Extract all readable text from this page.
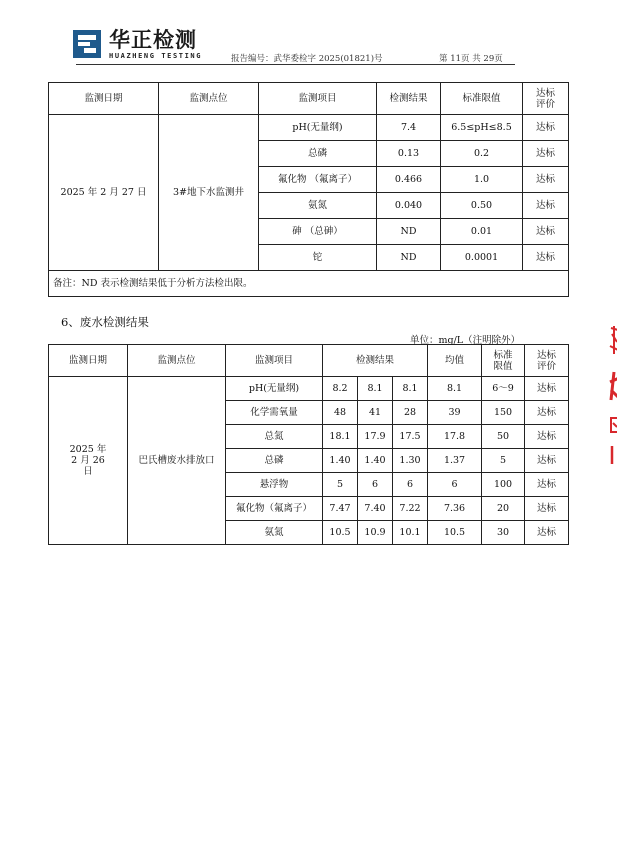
华正检测
HUAZHENG TESTING	报告编号：武华委检字 2025(01821)号	第 11页 共 29页
监测日期	监测点位	监测项目	检测结果	标准限值	达标评价
2025 年 2 月 27 日	3#地下水监测井	pH(无量纲)	7.4	6.5≤pH≤8.5	达标
		总磷	0.13	0.2	达标
		氟化物 （氟离子）	0.466	1.0	达标
		氨氮	0.040	0.50	达标
		砷 （总砷）	ND	0.01	达标
		铊	ND	0.0001	达标
备注：ND 表示检测结果低于分析方法检出限。					
6、废水检测结果
单位：mg/L（注明除外）
监测日期	监测点位	监测项目	检测结果			均值	标准限值	达标评价
2025 年 2 月 26 日	巴氏槽废水排放口	pH(无量纲)	8.2	8.1	8.1	8.1	6～9	达标
		化学需氧量	48	41	28	39	150	达标
		总氮	18.1	17.9	17.5	17.8	50	达标
		总磷	1.40	1.40	1.30	1.37	5	达标
		悬浮物	5	6	6	6	100	达标
		氟化物（氟离子）	7.47	7.40	7.22	7.36	20	达标
		氨氮	10.5	10.9	10.1	10.5	30	达标
